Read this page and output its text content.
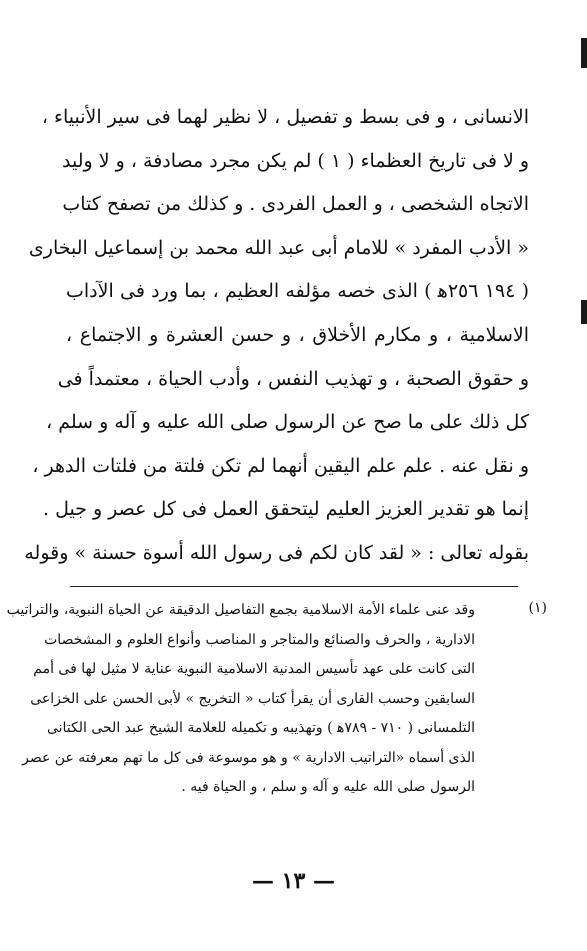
الانسانی ، و فی بسط و تفصیل ، لا نظیر لهما فی سیر الأنبیاء ،
و لا فی تاریخ العظماء ( ۱ ) لم یکن مجرد مصادفة ، و لا ولید
الاتجاه الشخصی ، و العمل الفردی . و كذلك من تصفح كتاب
« الأدب المفرد » للامام أبی عبد الله محمد بن إسماعیل البخاری
( ١٩٤ ٢٥٦ﻫ ) الذی خصه مؤلفه العظیم ، بما ورد فی الآداب
الاسلامیة ، و مكارم الأخلاق ، و حسن العشرة و الاجتماع ،
و حقوق الصحبة ، و تهذیب النفس ، وأدب الحیاة ، معتمداً فی
كل ذلك علی ما صح عن الرسول صلی الله علیه و آله و سلم ،
و نقل عنه . علم علم الیقین أنهما لم تكن فلتة من فلتات الدهر ،
إنما هو تقدیر العزیز العلیم لیتحقق العمل فی كل عصر و جیل .
بقوله تعالی : « لقد كان لكم فی رسول الله أسوة حسنة » وقوله
(١)
وقد عنی علماء الأمة الاسلامیة بجمع التفاصیل الدقیقة عن الحیاة النبویة، والتراتیب
الاداریة ، والحرف والصنائع والمتاجر و المناصب وأنواع العلوم و المشخصات
التی كانت علی عهد تأسیس المدنیة الاسلامیة النبویة عنایة لا مثیل لها فی أمم
السابقین وحسب القاری أن یقرأ كتاب « التخریج » لأبی الحسن علی الخزاعی
التلمسانی ( ٧١٠ - ٧٨٩ﻫ ) وتهذیبه و تكمیله للعلامة الشیخ عبد الحی الكتانی
الذی أسماه «التراتیب الاداریة » و هو موسوعة فی كل ما تهم معرفته عن عصر
الرسول صلی الله علیه و آله و سلم ، و الحیاة فیه .
— ١٣ —
